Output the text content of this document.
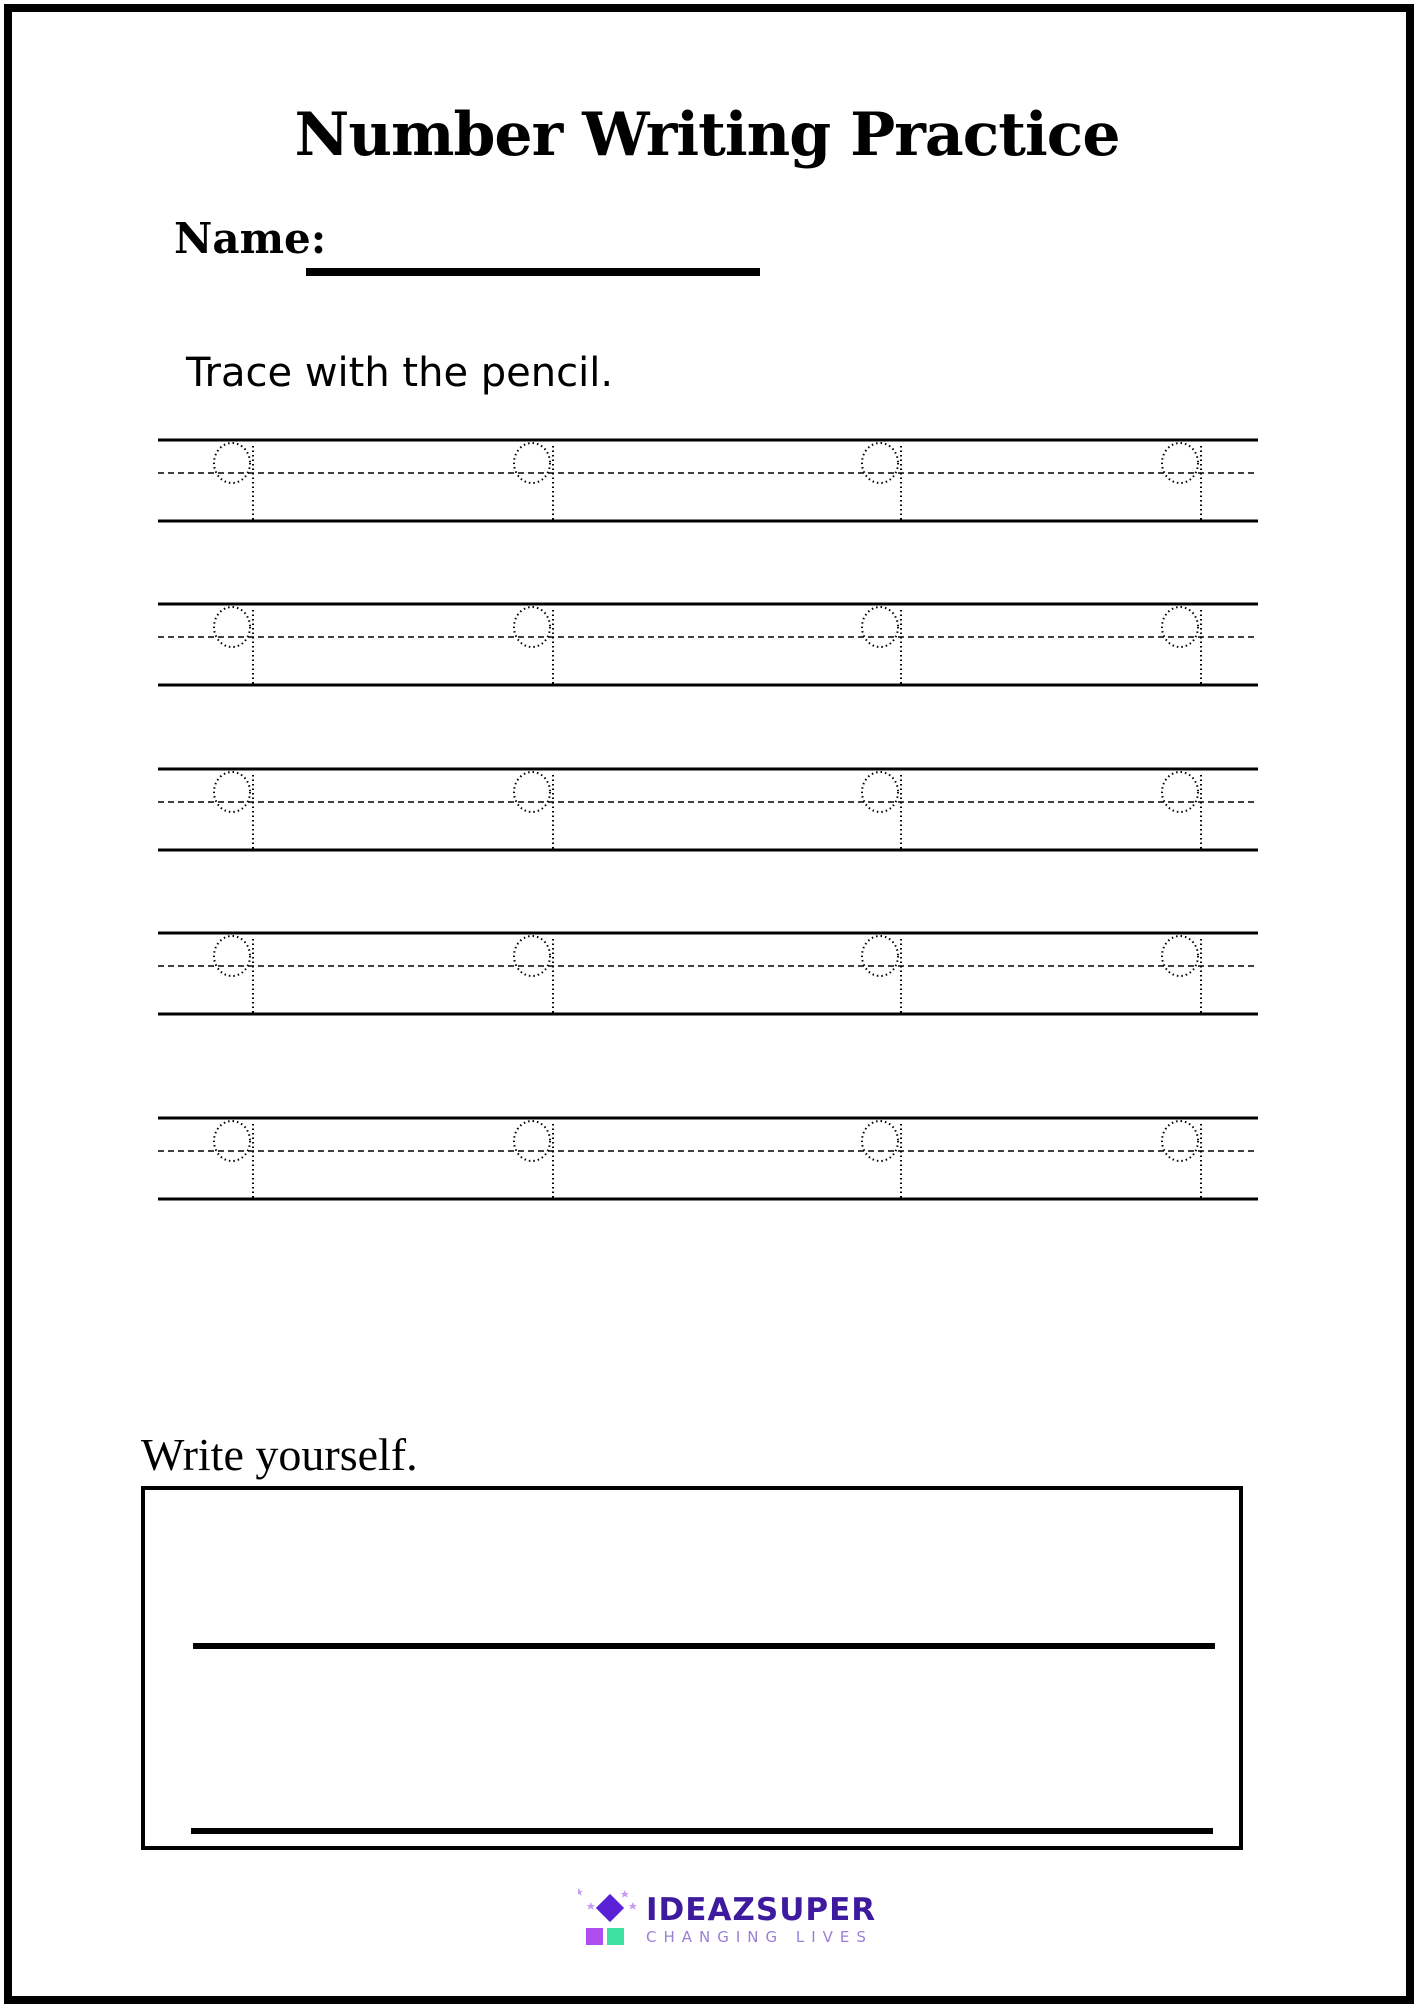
Number Writing Practice
Name:
Trace with the pencil.
Write yourself.
IDEAZSUPER
CHANGING LIVES
